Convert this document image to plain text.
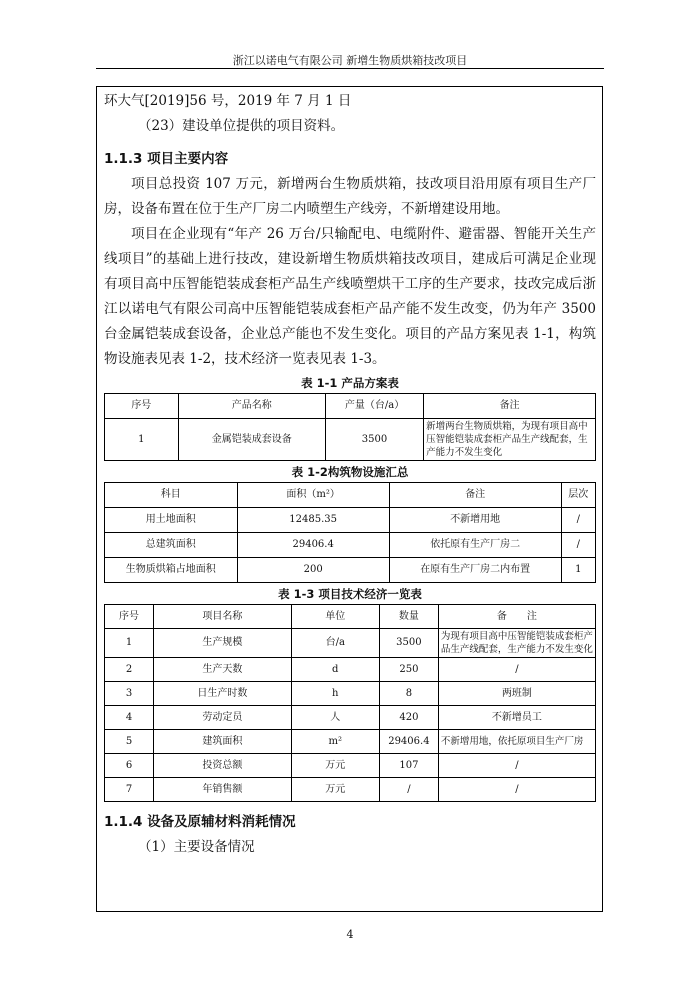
浙江以诺电气有限公司 新增生物质烘箱技改项目

环大气[2019]56 号，2019 年 7 月 1 日

（23）建设单位提供的项目资料。

1.1.3 项目主要内容

项目总投资 107 万元，新增两台生物质烘箱，技改项目沿用原有项目生产厂房，设备布置在位于生产厂房二内喷塑生产线旁，不新增建设用地。

项目在企业现有“年产 26 万台/只输配电、电缆附件、避雷器、智能开关生产线项目”的基础上进行技改，建设新增生物质烘箱技改项目，建成后可满足企业现有项目高中压智能铠装成套柜产品生产线喷塑烘干工序的生产要求，技改完成后浙江以诺电气有限公司高中压智能铠装成套柜产品产能不发生改变，仍为年产 3500 台金属铠装成套设备，企业总产能也不发生变化。项目的产品方案见表 1-1，构筑物设施表见表 1-2，技术经济一览表见表 1-3。

表 1-1 产品方案表
序号	产品名称	产量（台/a）	备注
1	金属铠装成套设备	3500	新增两台生物质烘箱，为现有项目高中压智能铠装成套柜产品生产线配套，生产能力不发生变化
表 1-2构筑物设施汇总
科目	面积（m²）	备注	层次
用土地面积	12485.35	不新增用地	/
总建筑面积	29406.4	依托原有生产厂房二	/
生物质烘箱占地面积	200	在原有生产厂房二内布置	1
表 1-3 项目技术经济一览表
序号	项目名称	单位	数量	备　　注
1	生产规模	台/a	3500	为现有项目高中压智能铠装成套柜产品生产线配套，生产能力不发生变化
2	生产天数	d	250	/
3	日生产时数	h	8	两班制
4	劳动定员	人	420	不新增员工
5	建筑面积	m²	29406.4	不新增用地，依托原项目生产厂房
6	投资总额	万元	107	/
7	年销售额	万元	/	/
1.1.4 设备及原辅材料消耗情况

（1）主要设备情况

4
